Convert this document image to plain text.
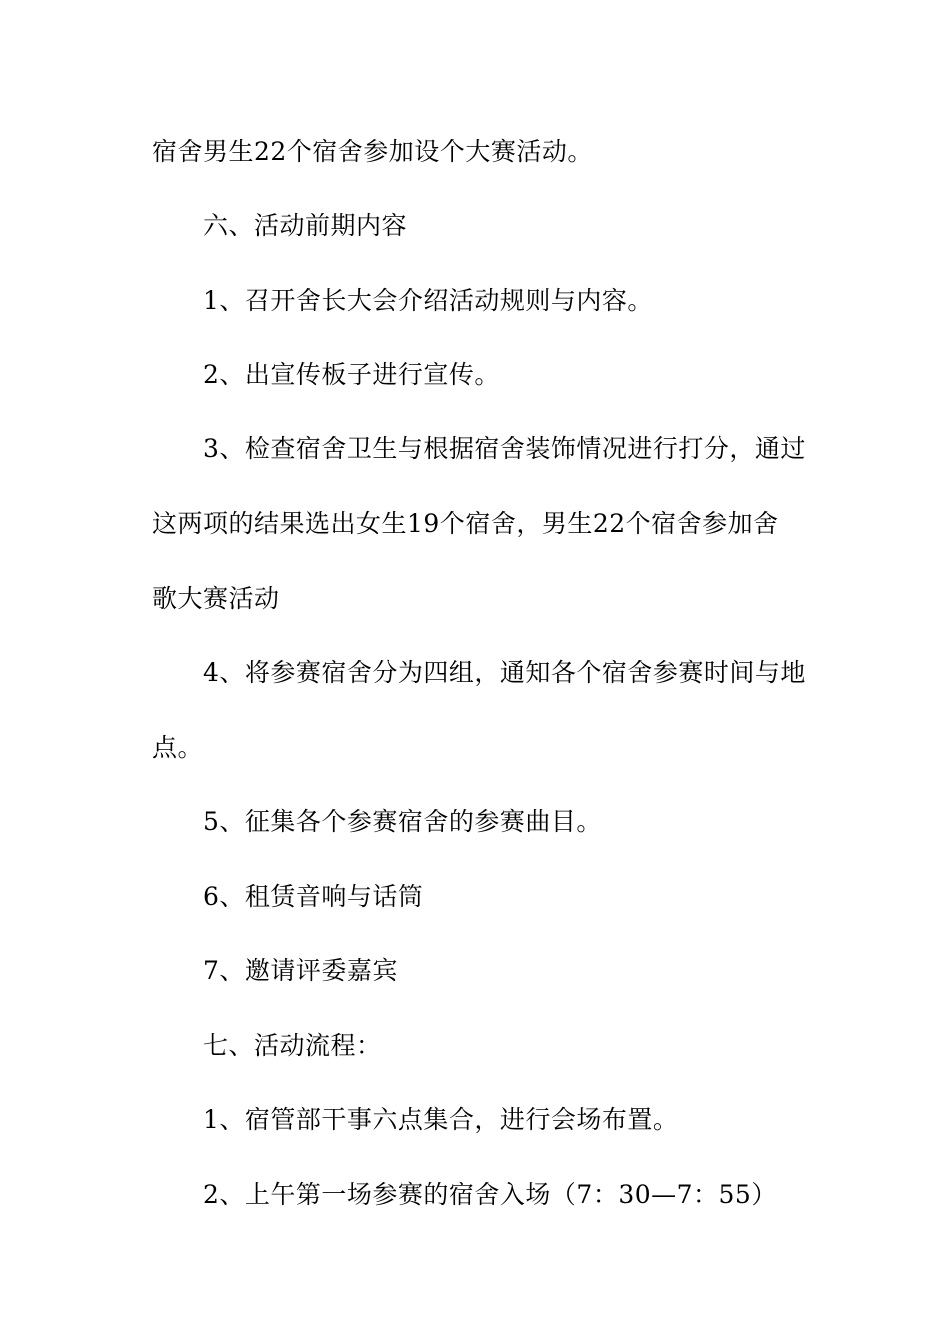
宿舍男生22个宿舍参加设个大赛活动。
六、活动前期内容
1、召开舍长大会介绍活动规则与内容。
2、出宣传板子进行宣传。
3、检查宿舍卫生与根据宿舍装饰情况进行打分，通过
这两项的结果选出女生19个宿舍，男生22个宿舍参加舍
歌大赛活动
4、将参赛宿舍分为四组，通知各个宿舍参赛时间与地
点。
5、征集各个参赛宿舍的参赛曲目。
6、租赁音响与话筒
7、邀请评委嘉宾
七、活动流程：
1、宿管部干事六点集合，进行会场布置。
2、上午第一场参赛的宿舍入场（7：30—7：55）
